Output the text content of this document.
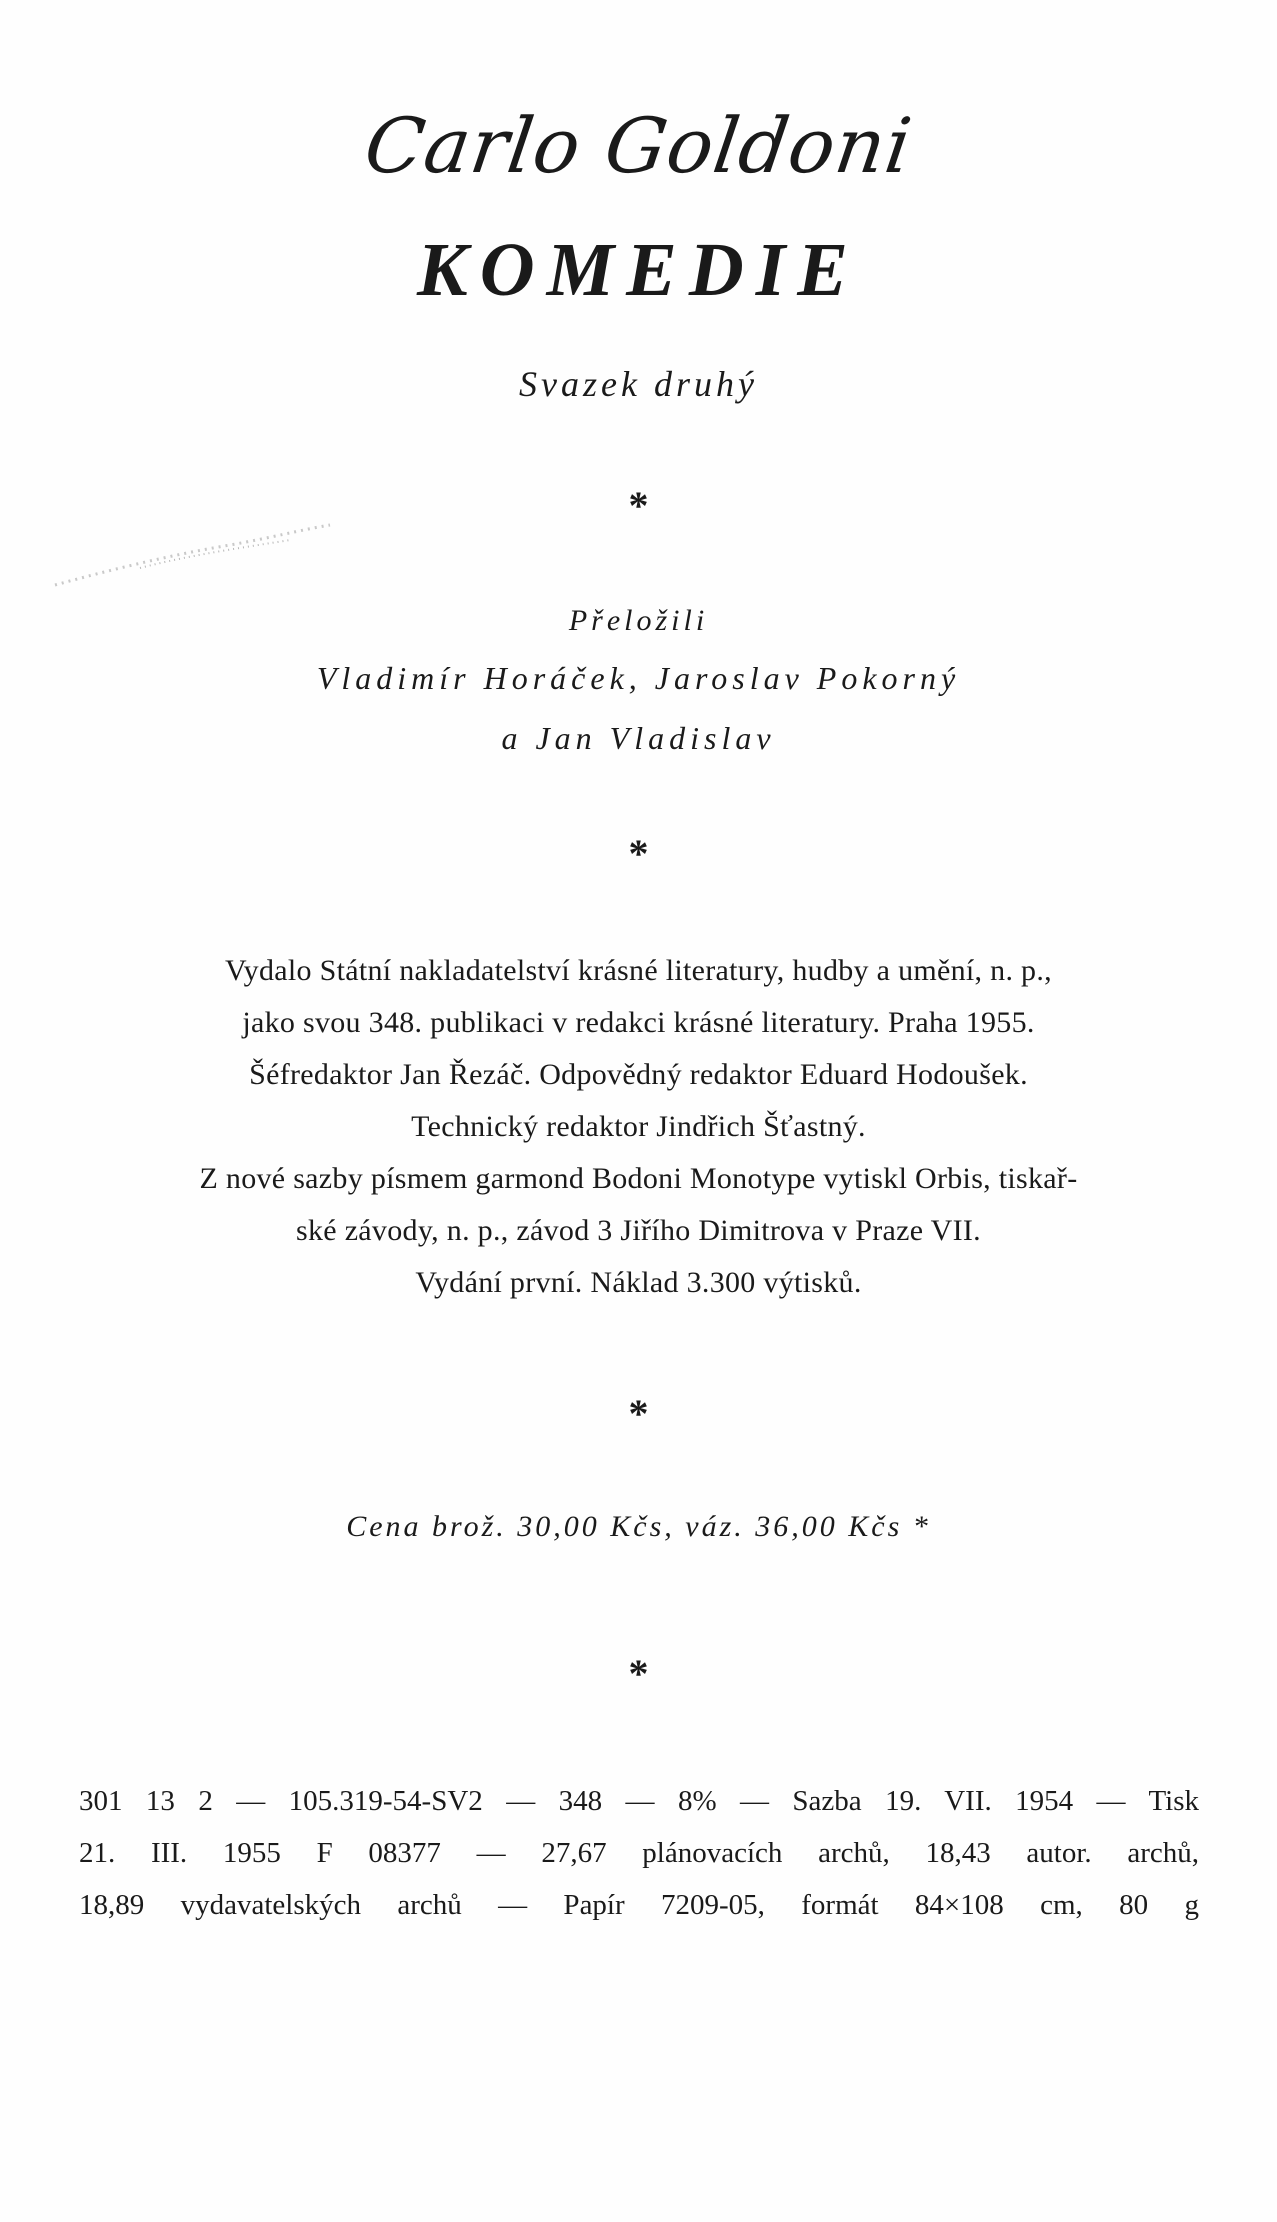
Carlo Goldoni
KOMEDIE
Svazek druhý
*
Přeložili
Vladimír Horáček, Jaroslav Pokorný
a Jan Vladislav
*
Vydalo Státní nakladatelství krásné literatury, hudby a umění, n. p.,
jako svou 348. publikaci v redakci krásné literatury. Praha 1955.
Šéfredaktor Jan Řezáč. Odpovědný redaktor Eduard Hodoušek.
Technický redaktor Jindřich Šťastný.
Z nové sazby písmem garmond Bodoni Monotype vytiskl Orbis, tiskař-
ské závody, n. p., závod 3 Jiřího Dimitrova v Praze VII.
Vydání první. Náklad 3.300 výtisků.
*
Cena brož. 30,00 Kčs, váz. 36,00 Kčs *
*
301 13 2 — 105.319-54-SV2 — 348 — 8% — Sazba 19. VII. 1954 — Tisk
21. III. 1955 F 08377 — 27,67 plánovacích archů, 18,43 autor. archů,
18,89 vydavatelských archů — Papír 7209-05, formát 84×108 cm, 80 g
